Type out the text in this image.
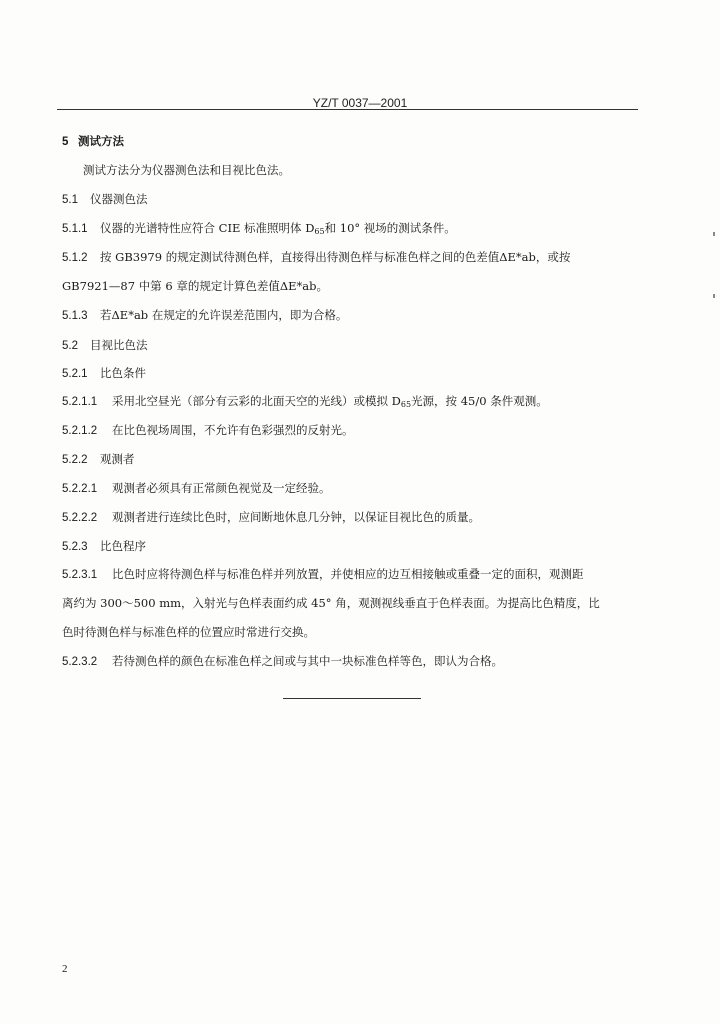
YZ/T 0037—2001
5 测试方法
测试方法分为仪器测色法和目视比色法。
5.1 仪器测色法
5.1.1 仪器的光谱特性应符合 CIE 标准照明体 $D_{65}$和 10° 视场的测试条件。
5.1.2 按 GB3979 的规定测试待测色样，直接得出待测色样与标准色样之间的色差值ΔE*ab，或按
GB7921—87 中第 6 章的规定计算色差值ΔE*ab。
5.1.3 若ΔE*ab 在规定的允许误差范围内，即为合格。
5.2 目视比色法
5.2.1 比色条件
5.2.1.1 采用北空昼光（部分有云彩的北面天空的光线）或模拟 $D_{65}$光源，按 45/0 条件观测。
5.2.1.2 在比色视场周围，不允许有色彩强烈的反射光。
5.2.2 观测者
5.2.2.1 观测者必须具有正常颜色视觉及一定经验。
5.2.2.2 观测者进行连续比色时，应间断地休息几分钟，以保证目视比色的质量。
5.2.3 比色程序
5.2.3.1 比色时应将待测色样与标准色样并列放置，并使相应的边互相接触或重叠一定的面积，观测距
离约为 300～500 mm，入射光与色样表面约成 45° 角，观测视线垂直于色样表面。为提高比色精度，比
色时待测色样与标准色样的位置应时常进行交换。
5.2.3.2 若待测色样的颜色在标准色样之间或与其中一块标准色样等色，即认为合格。
2
